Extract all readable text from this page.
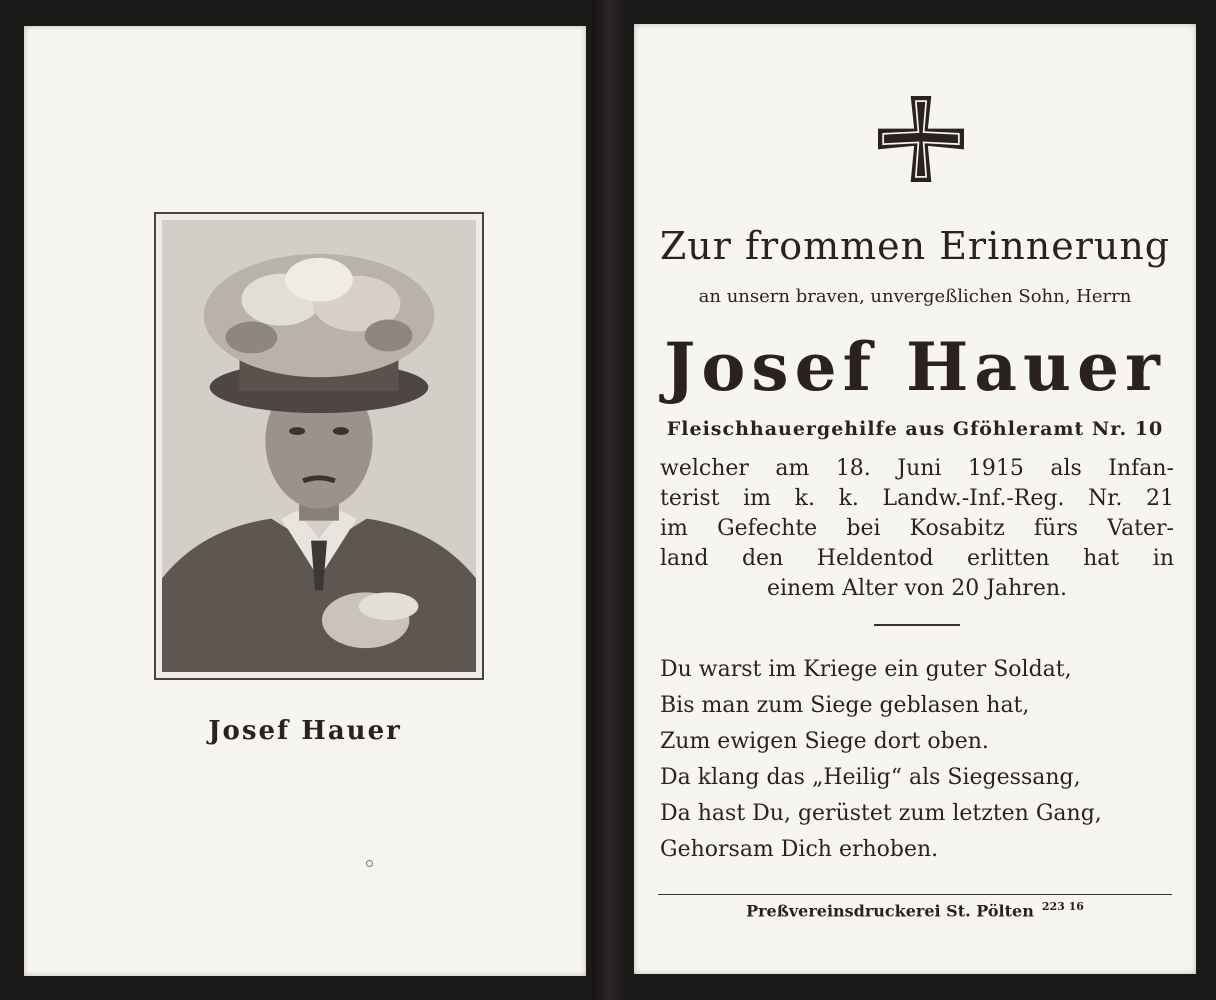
Josef Hauer
Zur frommen Erinnerung
an unsern braven, unvergeßlichen Sohn, Herrn
Josef Hauer
Fleischhauergehilfe aus Gföhleramt Nr. 10
welcher am 18. Juni 1915 als Infan-
terist im k. k. Landw.-Inf.-Reg. Nr. 21
im Gefechte bei Kosabitz fürs Vater-
land den Heldentod erlitten hat in
einem Alter von 20 Jahren.
Du warst im Kriege ein guter Soldat,
Bis man zum Siege geblasen hat,
Zum ewigen Siege dort oben.
Da klang das „Heilig“ als Siegessang,
Da hast Du, gerüstet zum letzten Gang,
Gehorsam Dich erhoben.
Preßvereinsdruckerei St. Pölten $^{223 16}$
